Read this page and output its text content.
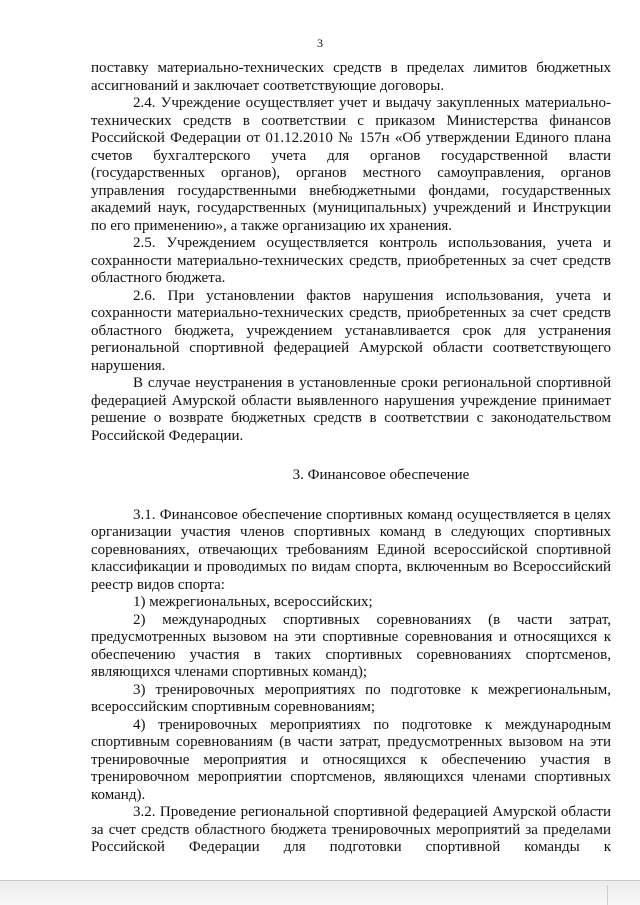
3

поставку материально-технических средств в пределах лимитов бюджетных ассигнований и заключает соответствующие договоры.

2.4. Учреждение осуществляет учет и выдачу закупленных материально-технических средств в соответствии с приказом Министерства финансов Российской Федерации от 01.12.2010 № 157н «Об утверждении Единого плана счетов бухгалтерского учета для органов государственной власти (государственных органов), органов местного самоуправления, органов управления государственными внебюджетными фондами, государственных академий наук, государственных (муниципальных) учреждений и Инструкции по его применению», а также организацию их хранения.

2.5. Учреждением осуществляется контроль использования, учета и сохранности материально-технических средств, приобретенных за счет средств областного бюджета.

2.6. При установлении фактов нарушения использования, учета и сохранности материально-технических средств, приобретенных за счет средств областного бюджета, учреждением устанавливается срок для устранения региональной спортивной федерацией Амурской области соответствующего нарушения.

В случае неустранения в установленные сроки региональной спортивной федерацией Амурской области выявленного нарушения учреждение принимает решение о возврате бюджетных средств в соответствии с законодательством Российской Федерации.

3. Финансовое обеспечение

3.1. Финансовое обеспечение спортивных команд осуществляется в целях организации участия членов спортивных команд в следующих спортивных соревнованиях, отвечающих требованиям Единой всероссийской спортивной классификации и проводимых по видам спорта, включенным во Всероссийский реестр видов спорта:

1) межрегиональных, всероссийских;

2) международных спортивных соревнованиях (в части затрат, предусмотренных вызовом на эти спортивные соревнования и относящихся к обеспечению участия в таких спортивных соревнованиях спортсменов, являющихся членами спортивных команд);

3) тренировочных мероприятиях по подготовке к межрегиональным, всероссийским спортивным соревнованиям;

4) тренировочных мероприятиях по подготовке к международным спортивным соревнованиям (в части затрат, предусмотренных вызовом на эти тренировочные мероприятия и относящихся к обеспечению участия в тренировочном мероприятии спортсменов, являющихся членами спортивных команд).

3.2. Проведение региональной спортивной федерацией Амурской области за счет средств областного бюджета тренировочных мероприятий за пределами Российской Федерации для подготовки спортивной команды к
